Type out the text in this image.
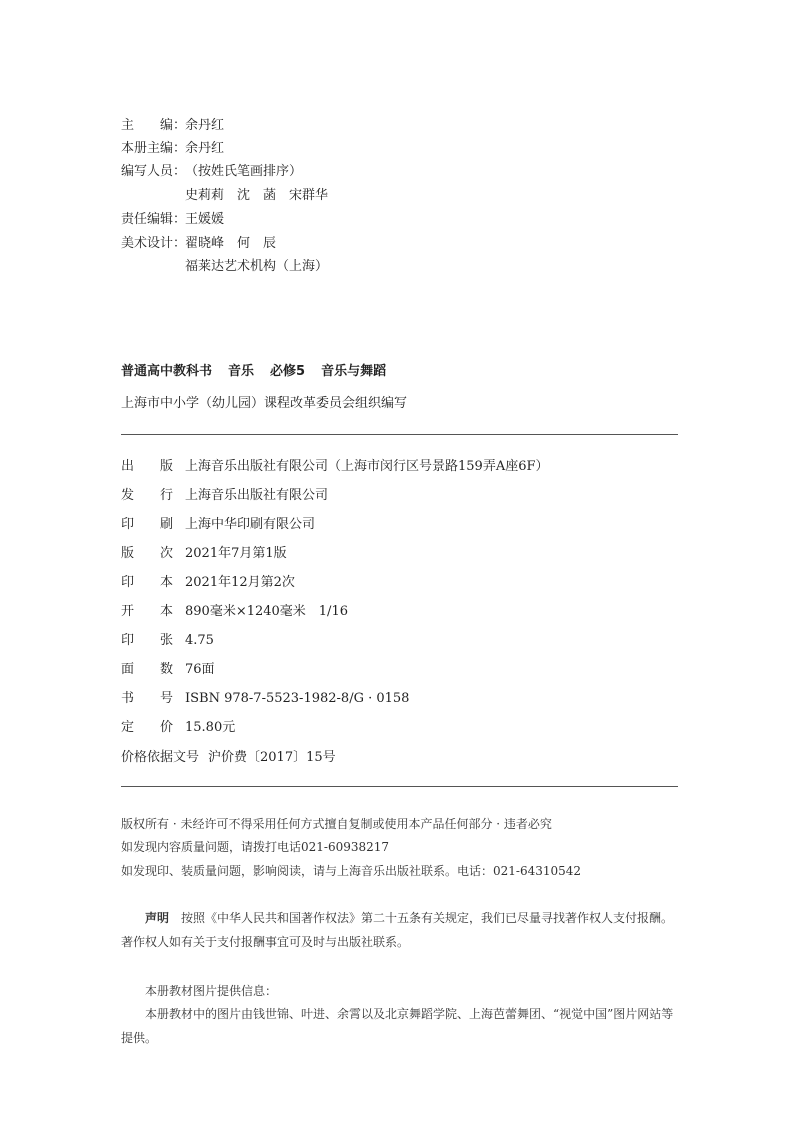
主　　编：余丹红
本册主编：余丹红
编写人员：（按姓氏笔画排序）
史莉莉　沈　菡　宋群华
责任编辑：王媛媛
美术设计：翟晓峰　何　辰
福莱达艺术机构（上海）
普通高中教科书 音乐 必修5 音乐与舞蹈
上海市中小学（幼儿园）课程改革委员会组织编写
出　　版 上海音乐出版社有限公司（上海市闵行区号景路159弄A座6F）
发　　行 上海音乐出版社有限公司
印　　刷 上海中华印刷有限公司
版　　次 2021年7月第1版
印　　本 2021年12月第2次
开　　本 890毫米×1240毫米　1/16
印　　张 4.75
面　　数 76面
书　　号 ISBN 978-7-5523-1982-8/G · 0158
定　　价 15.80元
价格依据文号 沪价费〔2017〕15号
版权所有 · 未经许可不得采用任何方式擅自复制或使用本产品任何部分 · 违者必究
如发现内容质量问题，请拨打电话021-60938217
如发现印、装质量问题，影响阅读，请与上海音乐出版社联系。电话：021-64310542
声明 按照《中华人民共和国著作权法》第二十五条有关规定，我们已尽量寻找著作权人支付报酬。著作权人如有关于支付报酬事宜可及时与出版社联系。
本册教材图片提供信息：
本册教材中的图片由钱世锦、叶进、余霄以及北京舞蹈学院、上海芭蕾舞团、“视觉中国”图片网站等提供。
